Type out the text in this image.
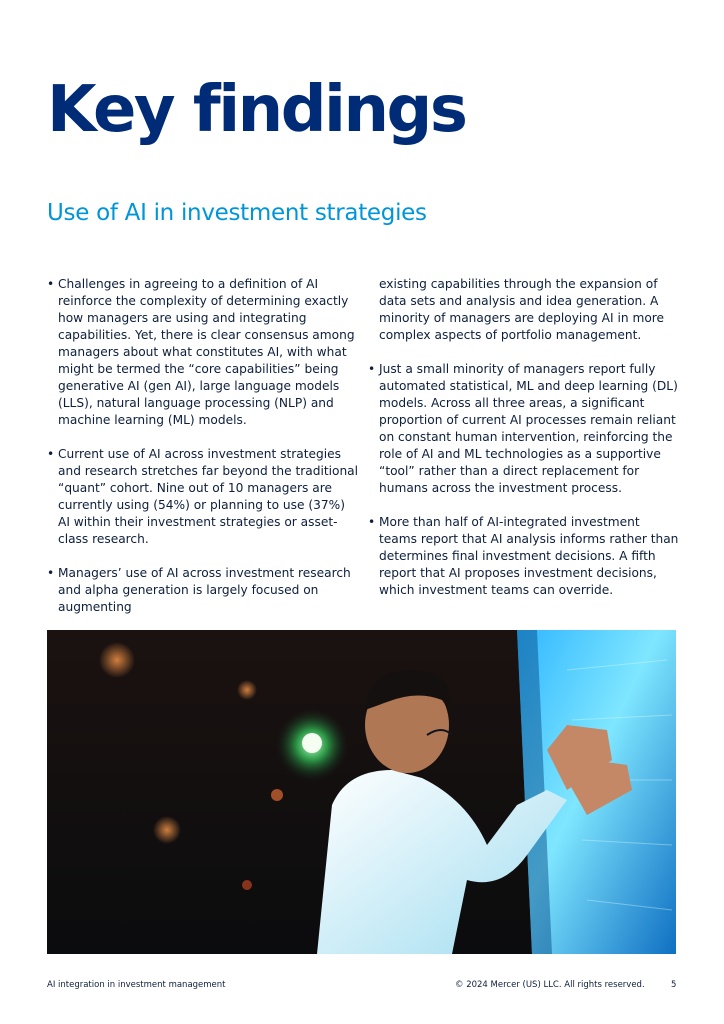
Key findings
Use of AI in investment strategies

• Challenges in agreeing to a definition of AI reinforce the complexity of determining exactly how managers are using and integrating capabilities. Yet, there is clear consensus among managers about what constitutes AI, with what might be termed the “core capabilities” being generative AI (gen AI), large language models (LLS), natural language processing (NLP) and machine learning (ML) models.

• Current use of AI across investment strategies and research stretches far beyond the traditional “quant” cohort. Nine out of 10 managers are currently using (54%) or planning to use (37%) AI within their investment strategies or asset-class research.

• Managers’ use of AI across investment research and alpha generation is largely focused on augmenting

existing capabilities through the expansion of data sets and analysis and idea generation. A minority of managers are deploying AI in more complex aspects of portfolio management.

• Just a small minority of managers report fully automated statistical, ML and deep learning (DL) models. Across all three areas, a significant proportion of current AI processes remain reliant on constant human intervention, reinforcing the role of AI and ML technologies as a supportive “tool” rather than a direct replacement for humans across the investment process.

• More than half of AI-integrated investment teams report that AI analysis informs rather than determines final investment decisions. A fifth report that AI proposes investment decisions, which investment teams can override.

AI integration in investment management	© 2024 Mercer (US) LLC. All rights reserved.	5
